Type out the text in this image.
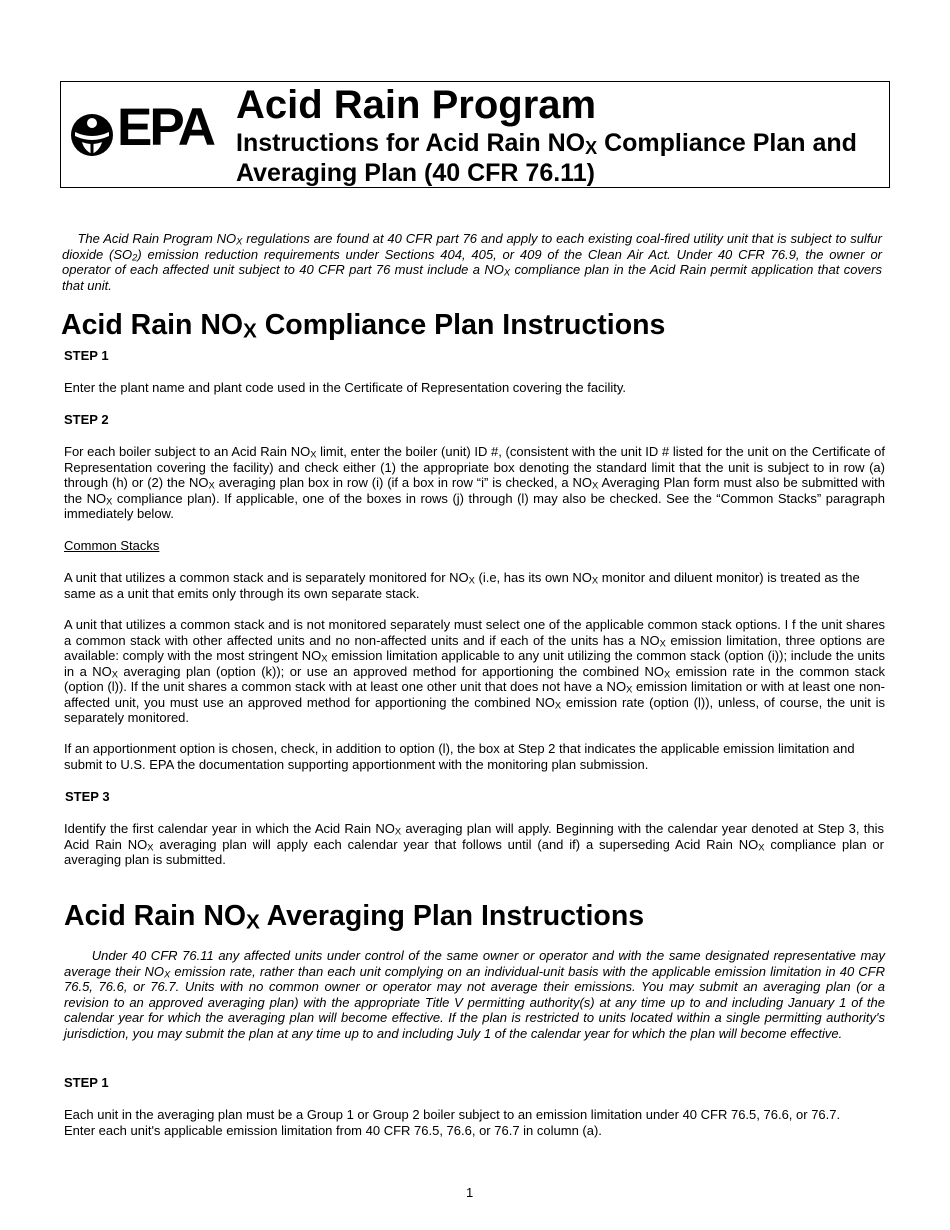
EPA Acid Rain Program
Instructions for Acid Rain $NO_X$ Compliance Plan and Averaging Plan (40 CFR 76.11)

The Acid Rain Program $NO_X$ regulations are found at 40 CFR part 76 and apply to each existing coal-fired utility unit that is subject to sulfur dioxide $(SO_2)$ emission reduction requirements under Sections 404, 405, or 409 of the Clean Air Act. Under 40 CFR 76.9, the owner or operator of each affected unit subject to 40 CFR part 76 must include a $NO_X$ compliance plan in the Acid Rain permit application that covers that unit.

Acid Rain $NO_X$ Compliance Plan Instructions

STEP 1

Enter the plant name and plant code used in the Certificate of Representation covering the facility.

STEP 2

For each boiler subject to an Acid Rain $NO_X$ limit, enter the boiler (unit) ID #, (consistent with the unit ID # listed for the unit on the Certificate of Representation covering the facility) and check either (1) the appropriate box denoting the standard limit that the unit is subject to in row (a) through (h) or (2) the $NO_X$ averaging plan box in row (i) (if a box in row “i” is checked, a $NO_X$ Averaging Plan form must also be submitted with the $NO_X$ compliance plan). If applicable, one of the boxes in rows (j) through (l) may also be checked. See the “Common Stacks” paragraph immediately below.

Common Stacks

A unit that utilizes a common stack and is separately monitored for $NO_X$ (i.e, has its own $NO_X$ monitor and diluent monitor) is treated as the same as a unit that emits only through its own separate stack.

A unit that utilizes a common stack and is not monitored separately must select one of the applicable common stack options. I f the unit shares a common stack with other affected units and no non-affected units and if each of the units has a $NO_X$ emission limitation, three options are available: comply with the most stringent $NO_X$ emission limitation applicable to any unit utilizing the common stack (option (i)); include the units in a $NO_X$ averaging plan (option (k)); or use an approved method for apportioning the combined $NO_X$ emission rate in the common stack (option (l)). If the unit shares a common stack with at least one other unit that does not have a $NO_X$ emission limitation or with at least one non-affected unit, you must use an approved method for apportioning the combined $NO_X$ emission rate (option (l)), unless, of course, the unit is separately monitored.

If an apportionment option is chosen, check, in addition to option (l), the box at Step 2 that indicates the applicable emission limitation and submit to U.S. EPA the documentation supporting apportionment with the monitoring plan submission.

STEP 3

Identify the first calendar year in which the Acid Rain $NO_X$ averaging plan will apply. Beginning with the calendar year denoted at Step 3, this Acid Rain $NO_X$ averaging plan will apply each calendar year that follows until (and if) a superseding Acid Rain $NO_X$ compliance plan or averaging plan is submitted.

Acid Rain $NO_X$ Averaging Plan Instructions

Under 40 CFR 76.11 any affected units under control of the same owner or operator and with the same designated representative may average their $NO_X$ emission rate, rather than each unit complying on an individual-unit basis with the applicable emission limitation in 40 CFR 76.5, 76.6, or 76.7. Units with no common owner or operator may not average their emissions. You may submit an averaging plan (or a revision to an approved averaging plan) with the appropriate Title V permitting authority(s) at any time up to and including January 1 of the calendar year for which the averaging plan will become effective. If the plan is restricted to units located within a single permitting authority's jurisdiction, you may submit the plan at any time up to and including July 1 of the calendar year for which the plan will become effective.

STEP 1

Each unit in the averaging plan must be a Group 1 or Group 2 boiler subject to an emission limitation under 40 CFR 76.5, 76.6, or 76.7. Enter each unit's applicable emission limitation from 40 CFR 76.5, 76.6, or 76.7 in column (a).

1
